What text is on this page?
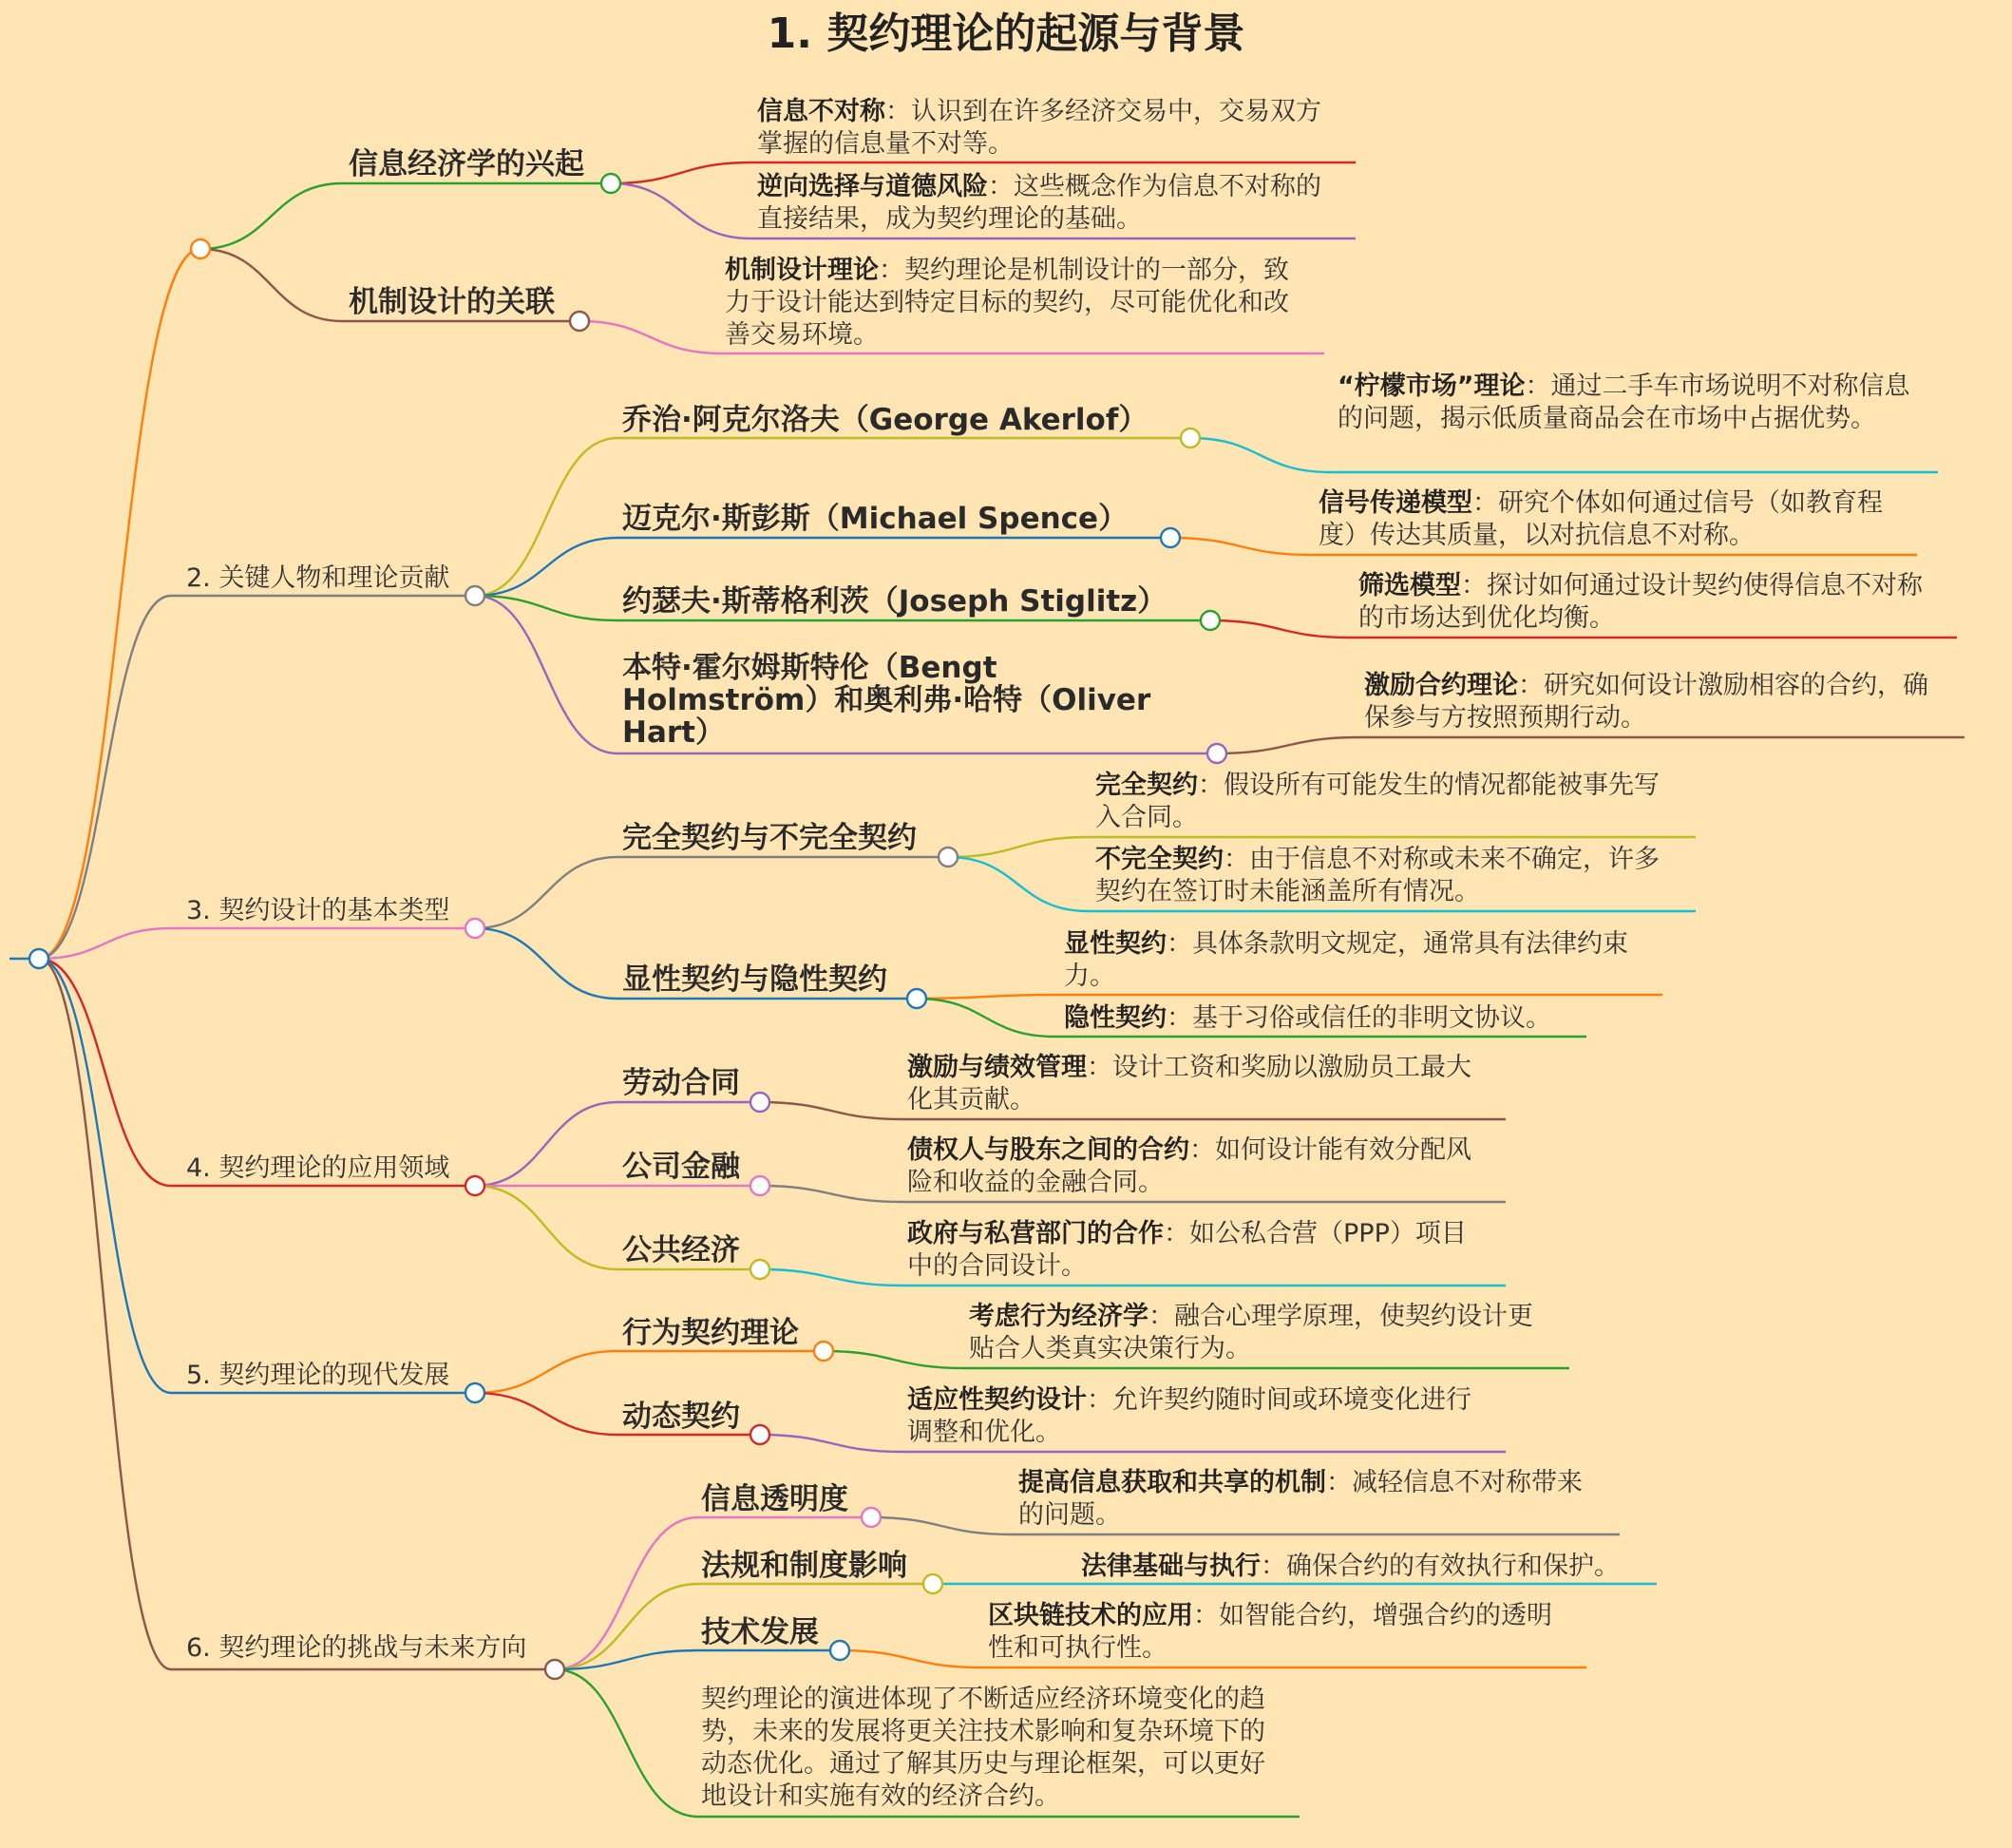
1. 契约理论的起源与背景
信息经济学的兴起
信息不对称：认识到在许多经济交易中，交易双方掌握的信息量不对等。
逆向选择与道德风险：这些概念作为信息不对称的直接结果，成为契约理论的基础。
机制设计的关联
机制设计理论：契约理论是机制设计的一部分，致力于设计能达到特定目标的契约，尽可能优化和改善交易环境。
2. 关键人物和理论贡献
乔治·阿克尔洛夫（George Akerlof）
“柠檬市场”理论：通过二手车市场说明不对称信息的问题，揭示低质量商品会在市场中占据优势。
迈克尔·斯彭斯（Michael Spence）	信号传递模型：研究个体如何通过信号（如教育程度）传达其质量，以对抗信息不对称。
约瑟夫·斯蒂格利茨（Joseph Stiglitz）	筛选模型：探讨如何通过设计契约使得信息不对称的市场达到优化均衡。
本特·霍尔姆斯特伦（Bengt Holmström）和奥利弗·哈特（Oliver Hart）
激励合约理论：研究如何设计激励相容的合约，确保参与方按照预期行动。
3. 契约设计的基本类型
完全契约与不完全契约
完全契约：假设所有可能发生的情况都能被事先写入合同。
不完全契约：由于信息不对称或未来不确定，许多契约在签订时未能涵盖所有情况。
显性契约与隐性契约
显性契约：具体条款明文规定，通常具有法律约束力。
隐性契约：基于习俗或信任的非明文协议。
4. 契约理论的应用领域
劳动合同	激励与绩效管理：设计工资和奖励以激励员工最大化其贡献。
公司金融	债权人与股东之间的合约：如何设计能有效分配风险和收益的金融合同。
公共经济	政府与私营部门的合作：如公私合营（PPP）项目中的合同设计。
5. 契约理论的现代发展
行为契约理论	考虑行为经济学：融合心理学原理，使契约设计更贴合人类真实决策行为。
动态契约	适应性契约设计：允许契约随时间或环境变化进行调整和优化。
6. 契约理论的挑战与未来方向
信息透明度	提高信息获取和共享的机制：减轻信息不对称带来的问题。
法规和制度影响	法律基础与执行：确保合约的有效执行和保护。
技术发展	区块链技术的应用：如智能合约，增强合约的透明性和可执行性。
契约理论的演进体现了不断适应经济环境变化的趋势，未来的发展将更关注技术影响和复杂环境下的动态优化。通过了解其历史与理论框架，可以更好地设计和实施有效的经济合约。
